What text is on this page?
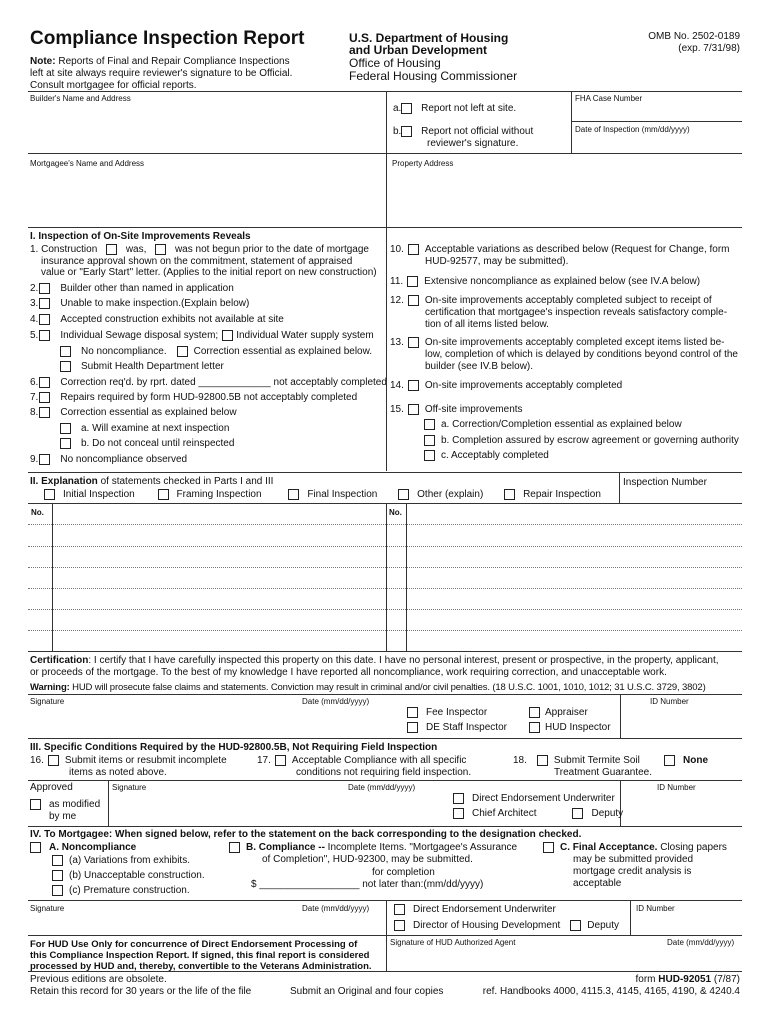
Compliance Inspection Report
Note: Reports of Final and Repair Compliance Inspections
left at site always require reviewer's signature to be Official.
Consult mortgagee for official reports.
U.S. Department of Housing
and Urban Development
Office of Housing
Federal Housing Commissioner
OMB No. 2502-0189
(exp. 7/31/98)
Builder's Name and Address
a. Report not left at site.
b. Report not official without
reviewer's signature.
FHA Case Number
Date of Inspection (mm/dd/yyyy)
Mortgagee's Name and Address	Property Address
I. Inspection of On-Site Improvements Reveals
1. Construction	was,	was not begun prior to the date of mortgage
insurance approval shown on the commitment, statement of appraised
value or "Early Start" letter. (Applies to the initial report on new construction)
2. Builder other than named in application
3. Unable to make inspection.(Explain below)
4. Accepted construction exhibits not available at site
5. Individual Sewage disposal system; Individual Water supply system
No noncompliance.	Correction essential as explained below.
Submit Health Department letter
6. Correction req'd. by rprt. dated _____________ not acceptably completed
7. Repairs required by form HUD-92800.5B not acceptably completed
8. Correction essential as explained below
a. Will examine at next inspection
b. Do not conceal until reinspected
9. No noncompliance observed
10. Acceptable variations as described below (Request for Change, form
HUD-92577, may be submitted).
11. Extensive noncompliance as explained below (see IV.A below)
12. On-site improvements acceptably completed subject to receipt of
certification that mortgagee's inspection reveals satisfactory comple-
tion of all items listed below.
13. On-site improvements acceptably completed except items listed be-
low, completion of which is delayed by conditions beyond control of the
builder (see IV.B below).
14. On-site improvements acceptably completed
15. Off-site improvements
a. Correction/Completion essential as explained below
b. Completion assured by escrow agreement or governing authority
c. Acceptably completed
II. Explanation of statements checked in Parts I and III	Inspection Number
Initial Inspection	Framing Inspection	Final Inspection	Other (explain)	Repair Inspection
No.	No.
Certification: I certify that I have carefully inspected this property on this date. I have no personal interest, present or prospective, in the property, applicant,
or proceeds of the mortgage. To the best of my knowledge I have reported all noncompliance, work requiring correction, and unacceptable work.
Warning: HUD will prosecute false claims and statements. Conviction may result in criminal and/or civil penalties. (18 U.S.C. 1001, 1010, 1012; 31 U.S.C. 3729, 3802)
Signature	Date (mm/dd/yyyy)	ID Number
Fee Inspector	Appraiser
DE Staff Inspector	HUD Inspector
III. Specific Conditions Required by the HUD-92800.5B, Not Requiring Field Inspection
16. Submit items or resubmit incomplete
items as noted above.
17. Acceptable Compliance with all specific
conditions not requiring field inspection.
18.	Submit Termite Soil
Treatment Guarantee.
None
Approved	Signature	Date (mm/dd/yyyy)	ID Number
as modified
by me
Direct Endorsement Underwriter
Chief Architect	Deputy
IV. To Mortgagee: When signed below, refer to the statement on the back corresponding to the designation checked.
A. Noncompliance
(a) Variations from exhibits.
(b) Unacceptable construction.
(c) Premature construction.
B. Compliance -- Incomplete Items. "Mortgagee's Assurance
of Completion", HUD-92300, may be submitted.
for completion
$ __________________ not later than:(mm/dd/yyyy)
C. Final Acceptance. Closing papers
may be submitted provided
mortgage credit analysis is
acceptable
Signature	Date (mm/dd/yyyy)	ID Number
Direct Endorsement Underwriter
Director of Housing Development	Deputy
For HUD Use Only for concurrence of Direct Endorsement Processing of
this Compliance Inspection Report. If signed, this final report is considered
processed by HUD and, thereby, convertible to the Veterans Administration.
Signature of HUD Authorized Agent	Date (mm/dd/yyyy)
Previous editions are obsolete.
Retain this record for 30 years or the life of the file	Submit an Original and four copies
form HUD-92051 (7/87)
ref. Handbooks 4000, 4115.3, 4145, 4165, 4190, & 4240.4
